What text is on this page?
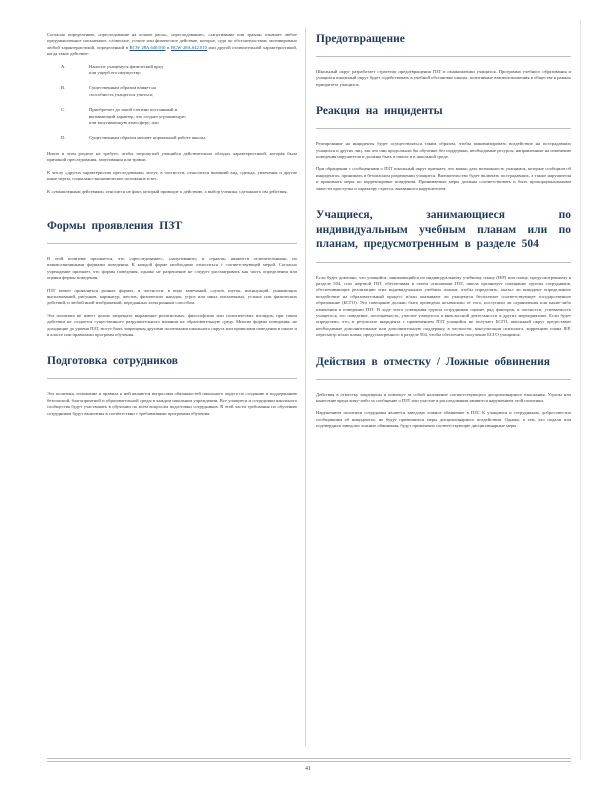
Согласно определению, «преследование на основе расы», «преследование», «запугивание или травля» означает любое предумышленное письменное, словесное, устное или физическое действие, которое, судя по обстоятельствам, мотивировано любой характеристикой, определенной в RCW 28A.640.010 и RCW 28A.642.010 или другой отличительной характеристикой, когда такое действие:

A.	Наносит учащемуся физический вред
или ущерб его имуществу;
B.	Существенным образом влияет на
способность учащегося учиться;
C.	Приобретает до такой степени постоянный и
вызывающий характер, что создает угрожающую
или запугивающую атмосферу; или
D.	Существенным образом мешает нормальной работе школы.

Ничто в этом разделе не требует, чтобы затронутый учащийся действительно обладал характеристикой, которая была причиной преследования, запугивания или травли.

К числу «других характеристик преследования» могут, в частности, относиться внешний вид, одежда, увлечения и другие иные черты, социально-экономическое положение и вес.

К «умышленным действиям» относятся не факт, который приводит к действию, а выбор ученика, сделанного им действия.

Формы проявления ПЗТ

В этой политике признается, что «преследование», «запугивание» и «травля» являются отличительными, но взаимосвязанными формами поведения. К каждой форме необходимо относиться с соответствующей мерой. Согласно учреждение признает, что формы поведения, однако не разрешение не следует рассматривать как часть определения или оценки формы поведения.

ПЗТ может проявляться разных формах, в частности, в виде замечаний, слухов, шуток, инсинуаций, унижающих высказываний, рисунков, карикатур, жестов, физических нападок, угроз или иных письменных, устных или физических действий, и любой иной изображений, переданных электронным способом.

Эта политика не имеет целью запрещать выражение религиозных, философских или политических взглядов, при таком действии не создается существенного разрушительного влияния на образовательную среду. Многие формы поведения, не доходящие до уровня ПЗТ, могут быть запрещены другими политиками школьного округа или правилами поведения в школе и в классе или правилами программ обучения.

Подготовка сотрудников

Эта политика, изложение и правила к ней являются вопросами обязанностей школьного округа по созданию и поддержанию безопасной, благоприятной и образовательной среды в каждом школьном учреждении. Все учащиеся и сотрудники школьного сообщества будут участвовать в обучении по всем вопросам подготовки сотрудников. В этой части требования по обучению сотрудников будут включены в соответствии с требованиями программы обучения.

Предотвращение

Школьный округ разработает стратегии предотвращения ПЗТ в ознакомлении учащихся. Программа учебного образования и учащихся школьный округ будет содействовать в учебной обстановке школы, позитивные взаимоотношения в обществе в рамках приоритета учащихся.

Реакция на инциденты

Реагирование на инциденты будет осуществляться таким образом, чтобы минимизировать воздействие на пострадавших учащихся и других лиц, так что они продолжали бы обучение без поддержки, необходимые ресурсы, направленные на изменение поведения нарушителя и должны быть в школе и в школьной среде.

При обращении с сообщениями о ПЗТ школьный округ признает, что важно дать возможность учащимся, которые сообщили об инцидентах, принимать в безопасном разрешении учащиеся. Вмешательство будет включать пострадавших, а также нарушителя и принимать меры по корректировке поведения. Принимаемые меры должны соответствовать и быть пропорциональными тяжести проступка и характеру стресса, вызванного нарушителем.

Учащиеся, занимающиеся по индивидуальным учебным планам или по планам, предусмотренным в разделе 504

Если будет доказано, что учащийся, занимающийся по индивидуальному учебному плану (IEP) или плану, предусмотренному в разделе 504, стал жертвой ПЗТ, обеспечивая в своем отношении ПЗТ, школа организует совещание группы сотрудников, обеспечивающих реализацию этих индивидуальных учебных планов, чтобы определить, оказал ли инцидент определенное воздействие на образовательный процесс и/или оказывают ли учащемуся бесплатное соответствующее государственное образование (БСГО). Это совещание должно быть проведено независимо от того, поступили ли ограничения или какие-либо изменения в поведении ПЗТ. В ходе этого совещания группа сотрудников оценит, ряд факторов, в частности, успеваемость учащегося, его поведение, посещаемость, участие учащегося в внеклассной деятельности и других мероприятиях. Если будет определено, что, в результате инцидента с применением ПЗТ учащийся не получает БСГО, школьный округ предоставит необходимые дополнительные или дополнительную поддержку, в частности, консультации психолога, коррекцию плана IEP, пересмотр и/или плана, предусмотренного в разделе 504, чтобы обеспечить получение БСГО учащимся.

Действия в отместку / Ложные обвинения

Действия в отместку запрещены и повлекут за собой наложение соответствующего дисциплинарного взыскания. Угрозы или нанесение вреда кому-либо за сообщение о ПЗТ или участие в расследовании являются нарушением этой политики.

Нарушением политики сотрудника является заведомо ложное обвинение в ПЗТ. К учащимся и сотрудникам, добросовестно сообщившим об инцидентах, не будут применяться меры дисциплинарного воздействия. Однако, к тем, кто подали или подтвердили заведомо ложные обвинения, будут применены соответствующие дисциплинарные меры.

41
